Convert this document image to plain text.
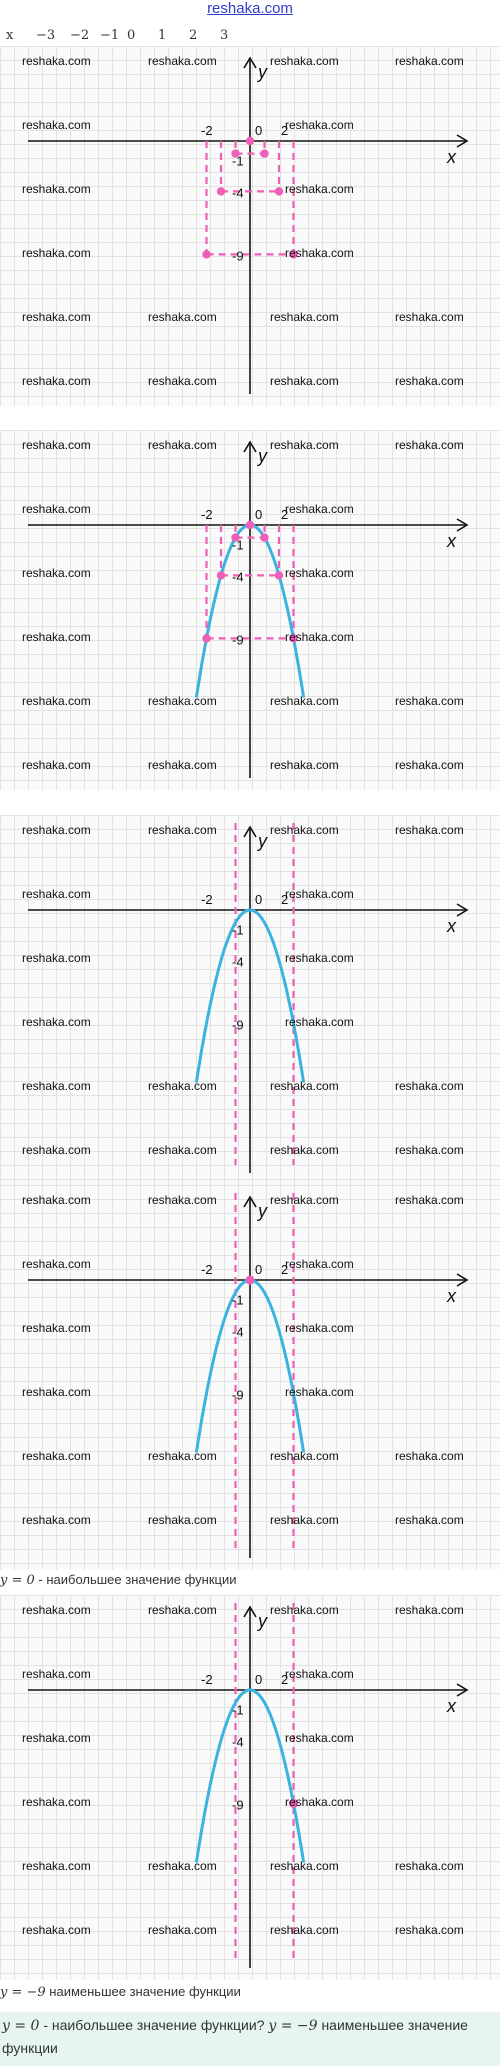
reshaka.com
x −3 −2 −1 0 1 2 3
-2	0 2
-1
-4
-9
x
y
reshaka.com	reshaka.com	reshaka.com	reshaka.com
reshaka.com	reshaka.com
reshaka.com	reshaka.com
reshaka.com	reshaka.com
reshaka.com	reshaka.com	reshaka.com	reshaka.com
reshaka.com	reshaka.com	reshaka.com	reshaka.com
-2	0 2
-1
-4
-9
x
y
reshaka.com	reshaka.com	reshaka.com	reshaka.com
reshaka.com	reshaka.com
reshaka.com	reshaka.com
reshaka.com	reshaka.com
reshaka.com	reshaka.com	reshaka.com	reshaka.com
reshaka.com	reshaka.com	reshaka.com	reshaka.com
-2	0 2
-1
-4
-9
x
y
reshaka.com	reshaka.com	reshaka.com	reshaka.com
reshaka.com	reshaka.com
reshaka.com	reshaka.com
reshaka.com	reshaka.com
reshaka.com	reshaka.com	reshaka.com	reshaka.com
reshaka.com	reshaka.com	reshaka.com	reshaka.com
-2	0 2
-1
-4
-9
x
y
reshaka.com	reshaka.com	reshaka.com	reshaka.com
reshaka.com	reshaka.com
reshaka.com	reshaka.com
reshaka.com	reshaka.com
reshaka.com	reshaka.com	reshaka.com	reshaka.com
reshaka.com	reshaka.com	reshaka.com	reshaka.com
-2	0 2
-1
-4
-9
x
y
reshaka.com	reshaka.com	reshaka.com	reshaka.com
reshaka.com	reshaka.com
reshaka.com	reshaka.com
reshaka.com	reshaka.com
reshaka.com	reshaka.com	reshaka.com	reshaka.com
reshaka.com	reshaka.com	reshaka.com	reshaka.com
y = 0 - наибольшее значение функции
y = −9 наименьшее значение функции
y = 0 - наибольшее значение функции? y = −9 наименьшее значение функции
